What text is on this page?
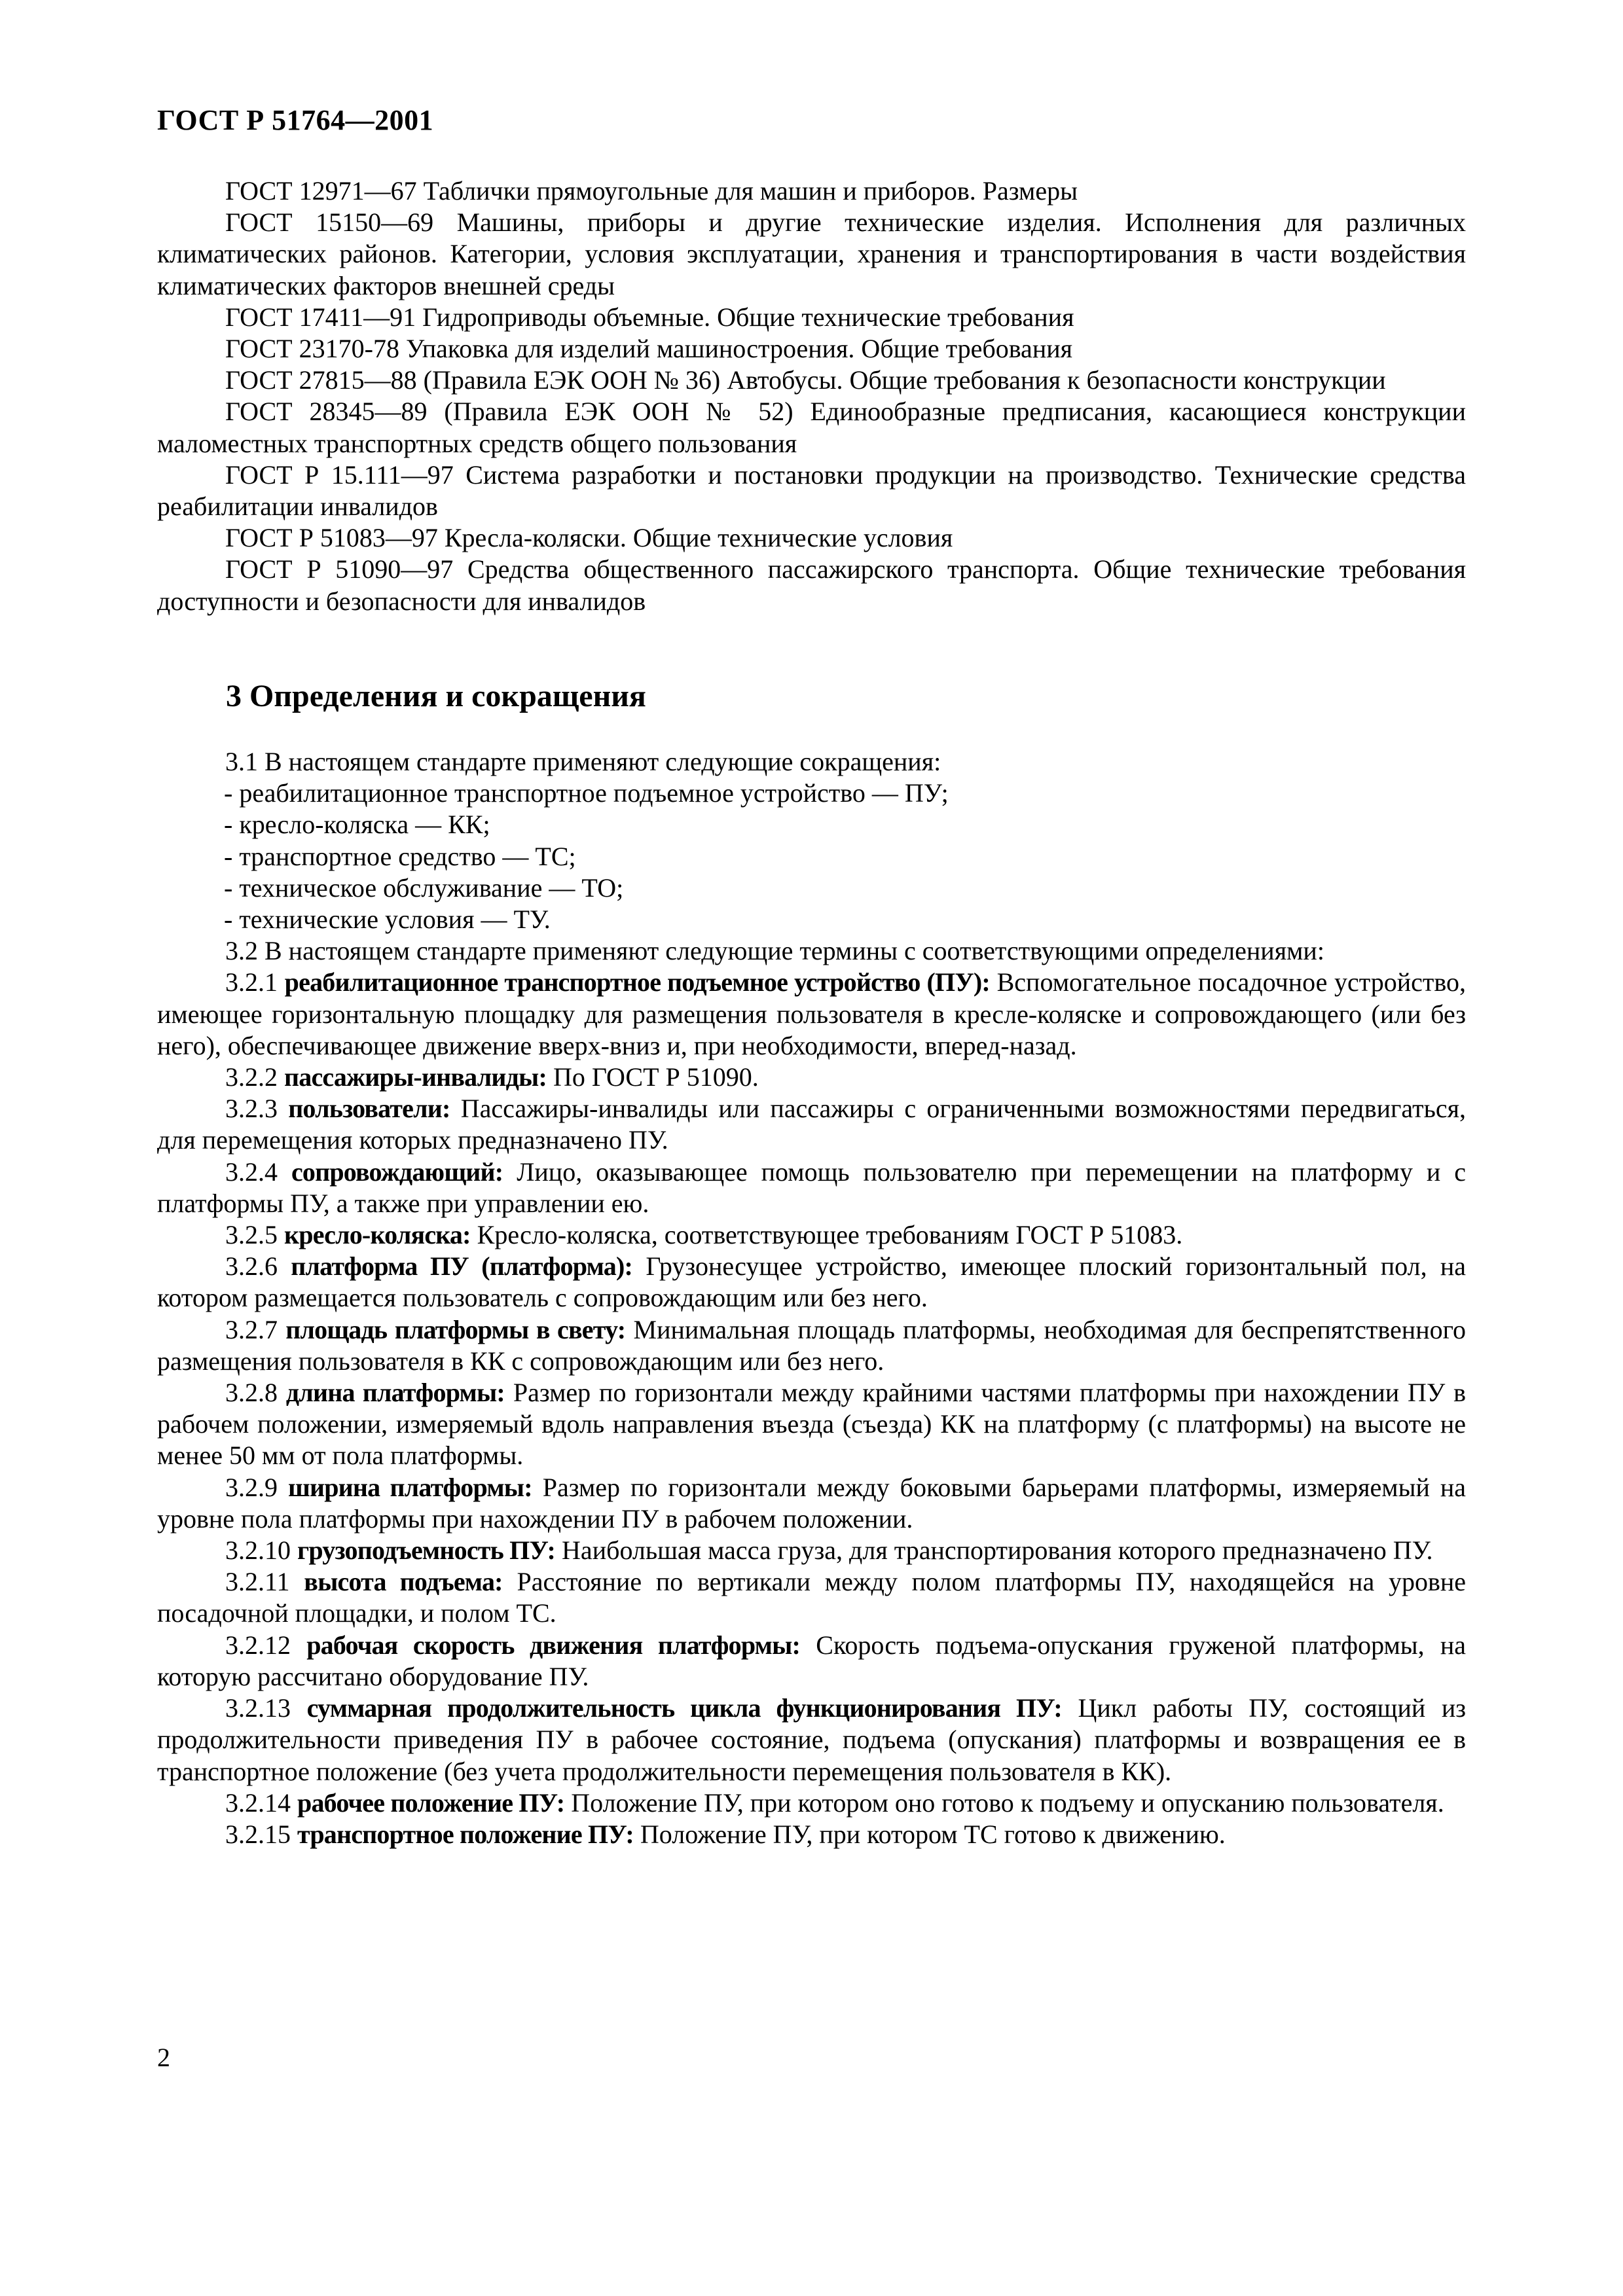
ГОСТ Р 51764—2001

ГОСТ 12971—67 Таблички прямоугольные для машин и приборов. Размеры

ГОСТ 15150—69 Машины, приборы и другие технические изделия. Исполнения для различных климатических районов. Категории, условия эксплуатации, хранения и транспортирования в части воздействия климатических факторов внешней среды

ГОСТ 17411—91 Гидроприводы объемные. Общие технические требования

ГОСТ 23170-78 Упаковка для изделий машиностроения. Общие требования

ГОСТ 27815—88 (Правила ЕЭК ООН № 36) Автобусы. Общие требования к безопасности конструкции

ГОСТ 28345—89 (Правила ЕЭК ООН № 52) Единообразные предписания, касающиеся конструкции маломестных транспортных средств общего пользования

ГОСТ Р 15.111—97 Система разработки и постановки продукции на производство. Технические средства реабилитации инвалидов

ГОСТ Р 51083—97 Кресла-коляски. Общие технические условия

ГОСТ Р 51090—97 Средства общественного пассажирского транспорта. Общие технические требования доступности и безопасности для инвалидов

3 Определения и сокращения

3.1 В настоящем стандарте применяют следующие сокращения:

- реабилитационное транспортное подъемное устройство — ПУ;

- кресло-коляска — КК;

- транспортное средство — ТС;

- техническое обслуживание — ТО;

- технические условия — ТУ.

3.2 В настоящем стандарте применяют следующие термины с соответствующими определениями:

3.2.1 реабилитационное транспортное подъемное устройство (ПУ): Вспомогательное посадочное устройство, имеющее горизонтальную площадку для размещения пользователя в кресле-коляске и сопровождающего (или без него), обеспечивающее движение вверх-вниз и, при необходимости, вперед-назад.

3.2.2 пассажиры-инвалиды: По ГОСТ Р 51090.

3.2.3 пользователи: Пассажиры-инвалиды или пассажиры с ограниченными возможностями передвигаться, для перемещения которых предназначено ПУ.

3.2.4 сопровождающий: Лицо, оказывающее помощь пользователю при перемещении на платформу и с платформы ПУ, а также при управлении ею.

3.2.5 кресло-коляска: Кресло-коляска, соответствующее требованиям ГОСТ Р 51083.

3.2.6 платформа ПУ (платформа): Грузонесущее устройство, имеющее плоский горизонтальный пол, на котором размещается пользователь с сопровождающим или без него.

3.2.7 площадь платформы в свету: Минимальная площадь платформы, необходимая для беспрепятственного размещения пользователя в КК с сопровождающим или без него.

3.2.8 длина платформы: Размер по горизонтали между крайними частями платформы при нахождении ПУ в рабочем положении, измеряемый вдоль направления въезда (съезда) КК на платформу (с платформы) на высоте не менее 50 мм от пола платформы.

3.2.9 ширина платформы: Размер по горизонтали между боковыми барьерами платформы, измеряемый на уровне пола платформы при нахождении ПУ в рабочем положении.

3.2.10 грузоподъемность ПУ: Наибольшая масса груза, для транспортирования которого предназначено ПУ.

3.2.11 высота подъема: Расстояние по вертикали между полом платформы ПУ, находящейся на уровне посадочной площадки, и полом ТС.

3.2.12 рабочая скорость движения платформы: Скорость подъема-опускания груженой платформы, на которую рассчитано оборудование ПУ.

3.2.13 суммарная продолжительность цикла функционирования ПУ: Цикл работы ПУ, состоящий из продолжительности приведения ПУ в рабочее состояние, подъема (опускания) платформы и возвращения ее в транспортное положение (без учета продолжительности перемещения пользователя в КК).

3.2.14 рабочее положение ПУ: Положение ПУ, при котором оно готово к подъему и опусканию пользователя.

3.2.15 транспортное положение ПУ: Положение ПУ, при котором ТС готово к движению.

2
